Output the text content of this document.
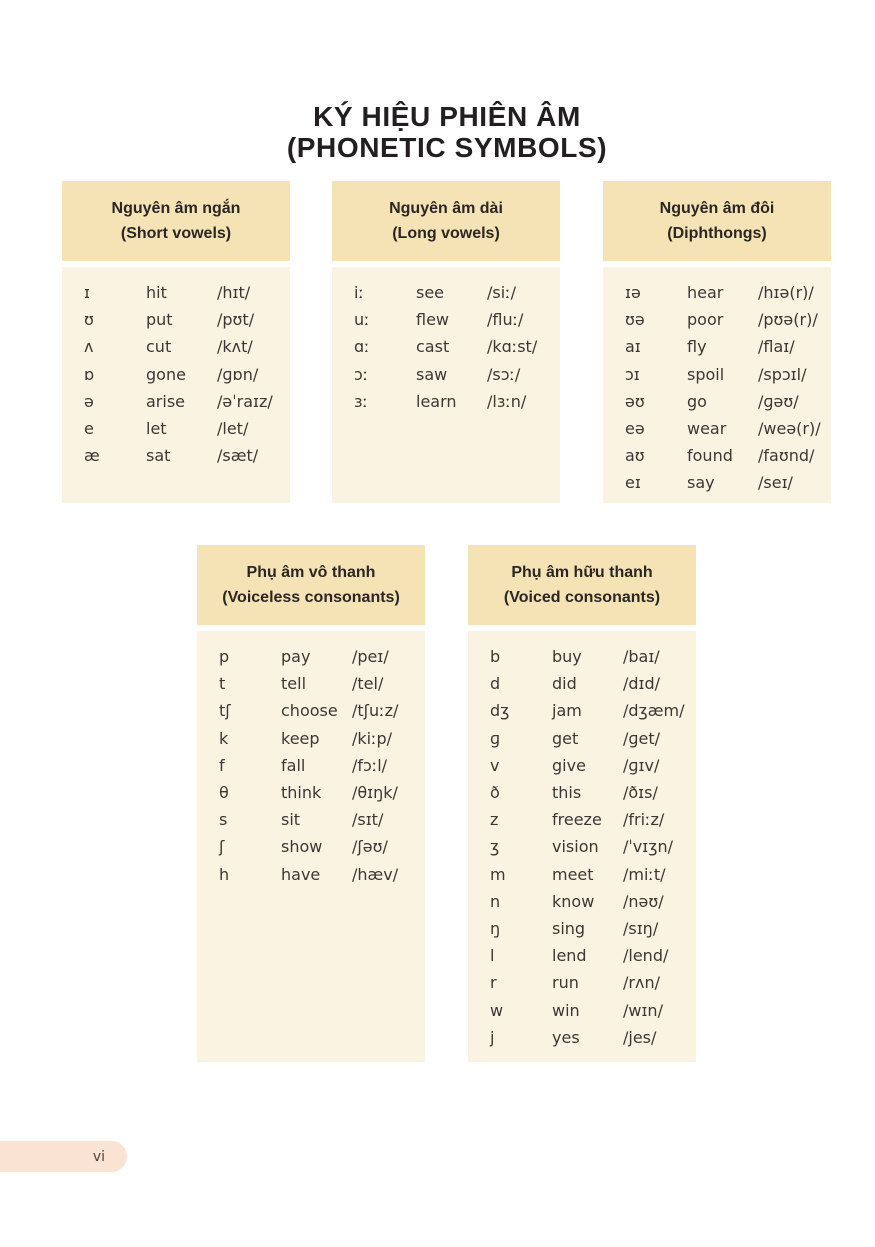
KÝ HIỆU PHIÊN ÂM
(PHONETIC SYMBOLS)
Nguyên âm ngắn
(Short vowels)
ɪ	hit	/hɪt/
ʊ	put	/pʊt/
ʌ	cut	/kʌt/
ɒ	gone	/ɡɒn/
ə	arise	/əˈraɪz/
e	let	/let/
æ	sat	/sæt/
Nguyên âm dài
(Long vowels)
iː	see	/siː/
uː	flew	/fluː/
ɑː	cast	/kɑːst/
ɔː	saw	/sɔː/
ɜː	learn	/lɜːn/
Nguyên âm đôi
(Diphthongs)
ɪə	hear	/hɪə(r)/
ʊə	poor	/pʊə(r)/
aɪ	fly	/flaɪ/
ɔɪ	spoil	/spɔɪl/
əʊ	go	/ɡəʊ/
eə	wear	/weə(r)/
aʊ	found	/faʊnd/
eɪ	say	/seɪ/
Phụ âm vô thanh
(Voiceless consonants)
p	pay	/peɪ/
t	tell	/tel/
tʃ	choose /tʃuːz/
k	keep	/kiːp/
f	fall	/fɔːl/
θ	think	/θɪŋk/
s	sit	/sɪt/
ʃ	show	/ʃəʊ/
h	have	/hæv/
Phụ âm hữu thanh
(Voiced consonants)
b	buy	/baɪ/
d	did	/dɪd/
dʒ	jam	/dʒæm/
ɡ	get	/ɡet/
v	give	/ɡɪv/
ð	this	/ðɪs/
z	freeze	/friːz/
ʒ	vision	/ˈvɪʒn/
m	meet	/miːt/
n	know	/nəʊ/
ŋ	sing	/sɪŋ/
l	lend	/lend/
r	run	/rʌn/
w	win	/wɪn/
j	yes	/jes/
vi
